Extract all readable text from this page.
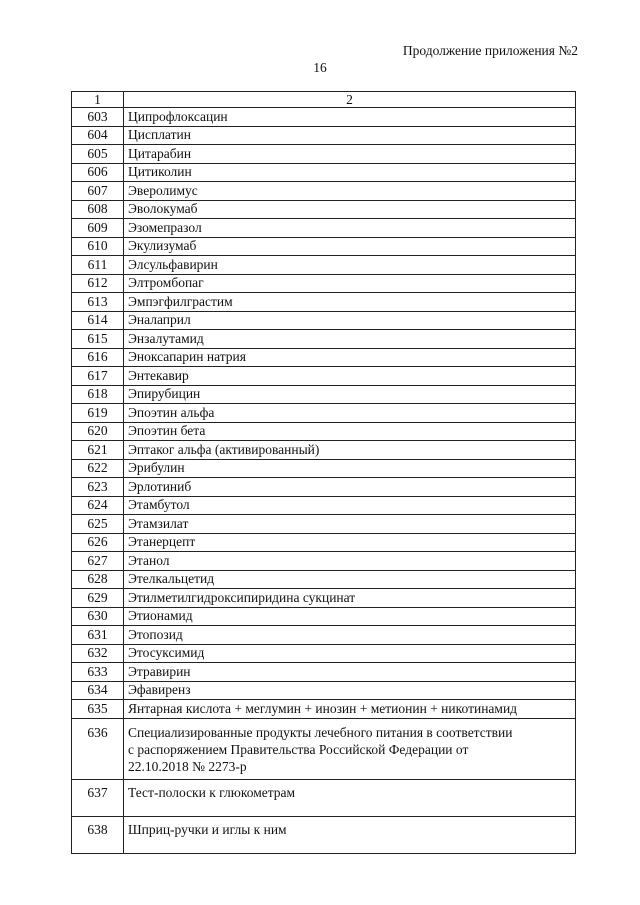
Продолжение приложения №2
16
1	2
603	Ципрофлоксацин
604	Цисплатин
605	Цитарабин
606	Цитиколин
607	Эверолимус
608	Эволокумаб
609	Эзомепразол
610	Экулизумаб
611	Элсульфавирин
612	Элтромбопаг
613	Эмпэгфилграстим
614	Эналаприл
615	Энзалутамид
616	Эноксапарин натрия
617	Энтекавир
618	Эпирубицин
619	Эпоэтин альфа
620	Эпоэтин бета
621	Эптаког альфа (активированный)
622	Эрибулин
623	Эрлотиниб
624	Этамбутол
625	Этамзилат
626	Этанерцепт
627	Этанол
628	Этелкальцетид
629	Этилметилгидроксипиридина сукцинат
630	Этионамид
631	Этопозид
632	Этосуксимид
633	Этравирин
634	Эфавиренз
635	Янтарная кислота + меглумин + инозин + метионин + никотинамид
636	Специализированные продукты лечебного питания в соответствии
с распоряжением Правительства Российской Федерации от
22.10.2018 № 2273-р

637	Тест-полоски к глюкометрам
638	Шприц-ручки и иглы к ним
